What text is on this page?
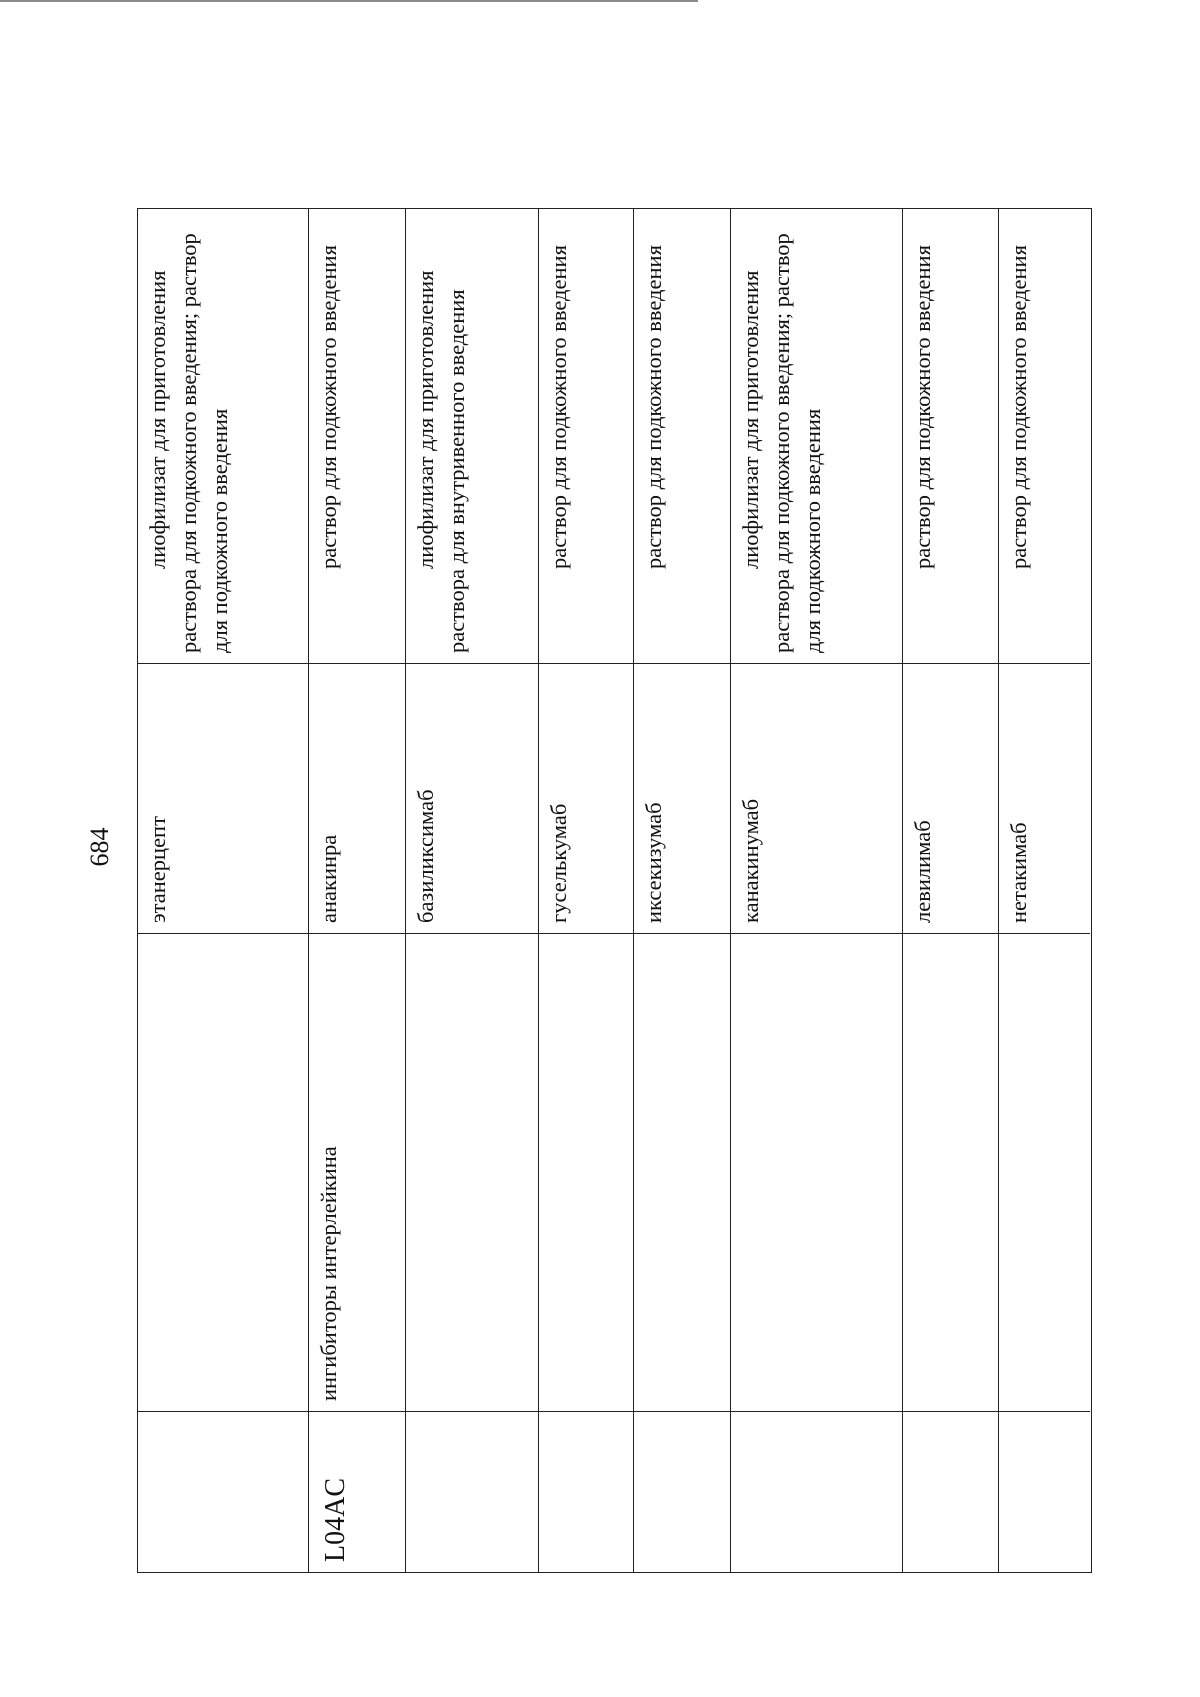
684	этанерцепт
лиофилизат для приготовления раствора для подкожного введения; раствор для подкожного введения
L04AC
ингибиторы интерлейкина
анакинра
раствор для подкожного введения
базиликсимаб
лиофилизат для приготовления раствора для внутривенного введения
гуселькумаб
раствор для подкожного введения
иксекизумаб
раствор для подкожного введения
канакинумаб
лиофилизат для приготовления раствора для подкожного введения; раствор для подкожного введения
левилимаб
раствор для подкожного введения
нетакимаб
раствор для подкожного введения
